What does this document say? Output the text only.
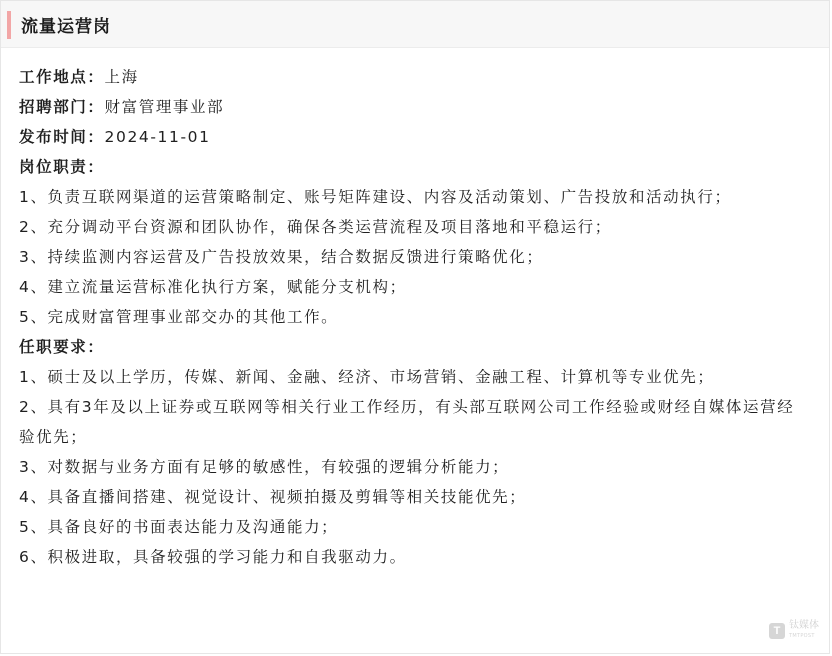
流量运营岗
工作地点：上海
招聘部门：财富管理事业部
发布时间：2024-11-01
岗位职责：

1、负责互联网渠道的运营策略制定、账号矩阵建设、内容及活动策划、广告投放和活动执行；

2、充分调动平台资源和团队协作，确保各类运营流程及项目落地和平稳运行；

3、持续监测内容运营及广告投放效果，结合数据反馈进行策略优化；

4、建立流量运营标准化执行方案，赋能分支机构；

5、完成财富管理事业部交办的其他工作。

任职要求：

1、硕士及以上学历，传媒、新闻、金融、经济、市场营销、金融工程、计算机等专业优先；

2、具有3年及以上证券或互联网等相关行业工作经历，有头部互联网公司工作经验或财经自媒体运营经验优先；

3、对数据与业务方面有足够的敏感性，有较强的逻辑分析能力；

4、具备直播间搭建、视觉设计、视频拍摄及剪辑等相关技能优先；

5、具备良好的书面表达能力及沟通能力；

6、积极进取，具备较强的学习能力和自我驱动力。

T 钛媒体
TMTPOST
